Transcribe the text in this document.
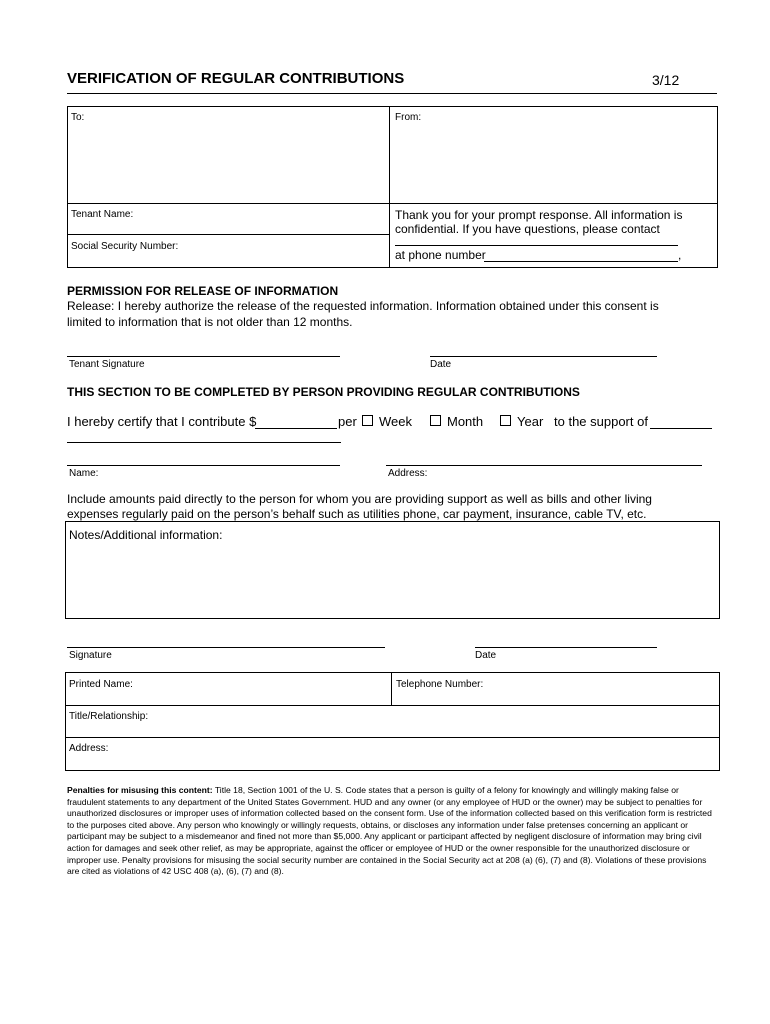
VERIFICATION OF REGULAR CONTRIBUTIONS	3/12
To:	From:
Tenant Name:
Social Security Number:
Thank you for your prompt response. All information is
confidential. If you have questions, please contact
at phone number	,
PERMISSION FOR RELEASE OF INFORMATION
Release: I hereby authorize the release of the requested information. Information obtained under this consent is
limited to information that is not older than 12 months.
Tenant Signature	Date
THIS SECTION TO BE COMPLETED BY PERSON PROVIDING REGULAR CONTRIBUTIONS
I hereby certify that I contribute $	per Week	Month	Year to the support of
Name:	Address:
Include amounts paid directly to the person for whom you are providing support as well as bills and other living
expenses regularly paid on the person’s behalf such as utilities phone, car payment, insurance, cable TV, etc.
Notes/Additional information:
Signature	Date
Printed Name:	Telephone Number:
Title/Relationship:
Address:
Penalties for misusing this content: Title 18, Section 1001 of the U. S. Code states that a person is guilty of a felony for knowingly and willingly making false or fraudulent statements to any department of the United States Government. HUD and any owner (or any employee of HUD or the owner) may be subject to penalties for unauthorized disclosures or improper uses of information collected based on the consent form. Use of the information collected based on this verification form is restricted to the purposes cited above. Any person who knowingly or willingly requests, obtains, or discloses any information under false pretenses concerning an applicant or participant may be subject to a misdemeanor and fined not more than $5,000. Any applicant or participant affected by negligent disclosure of information may bring civil action for damages and seek other relief, as may be appropriate, against the officer or employee of HUD or the owner responsible for the unauthorized disclosure or improper use. Penalty provisions for misusing the social security number are contained in the Social Security act at 208 (a) (6), (7) and (8). Violations of these provisions are cited as violations of 42 USC 408 (a), (6), (7) and (8).
